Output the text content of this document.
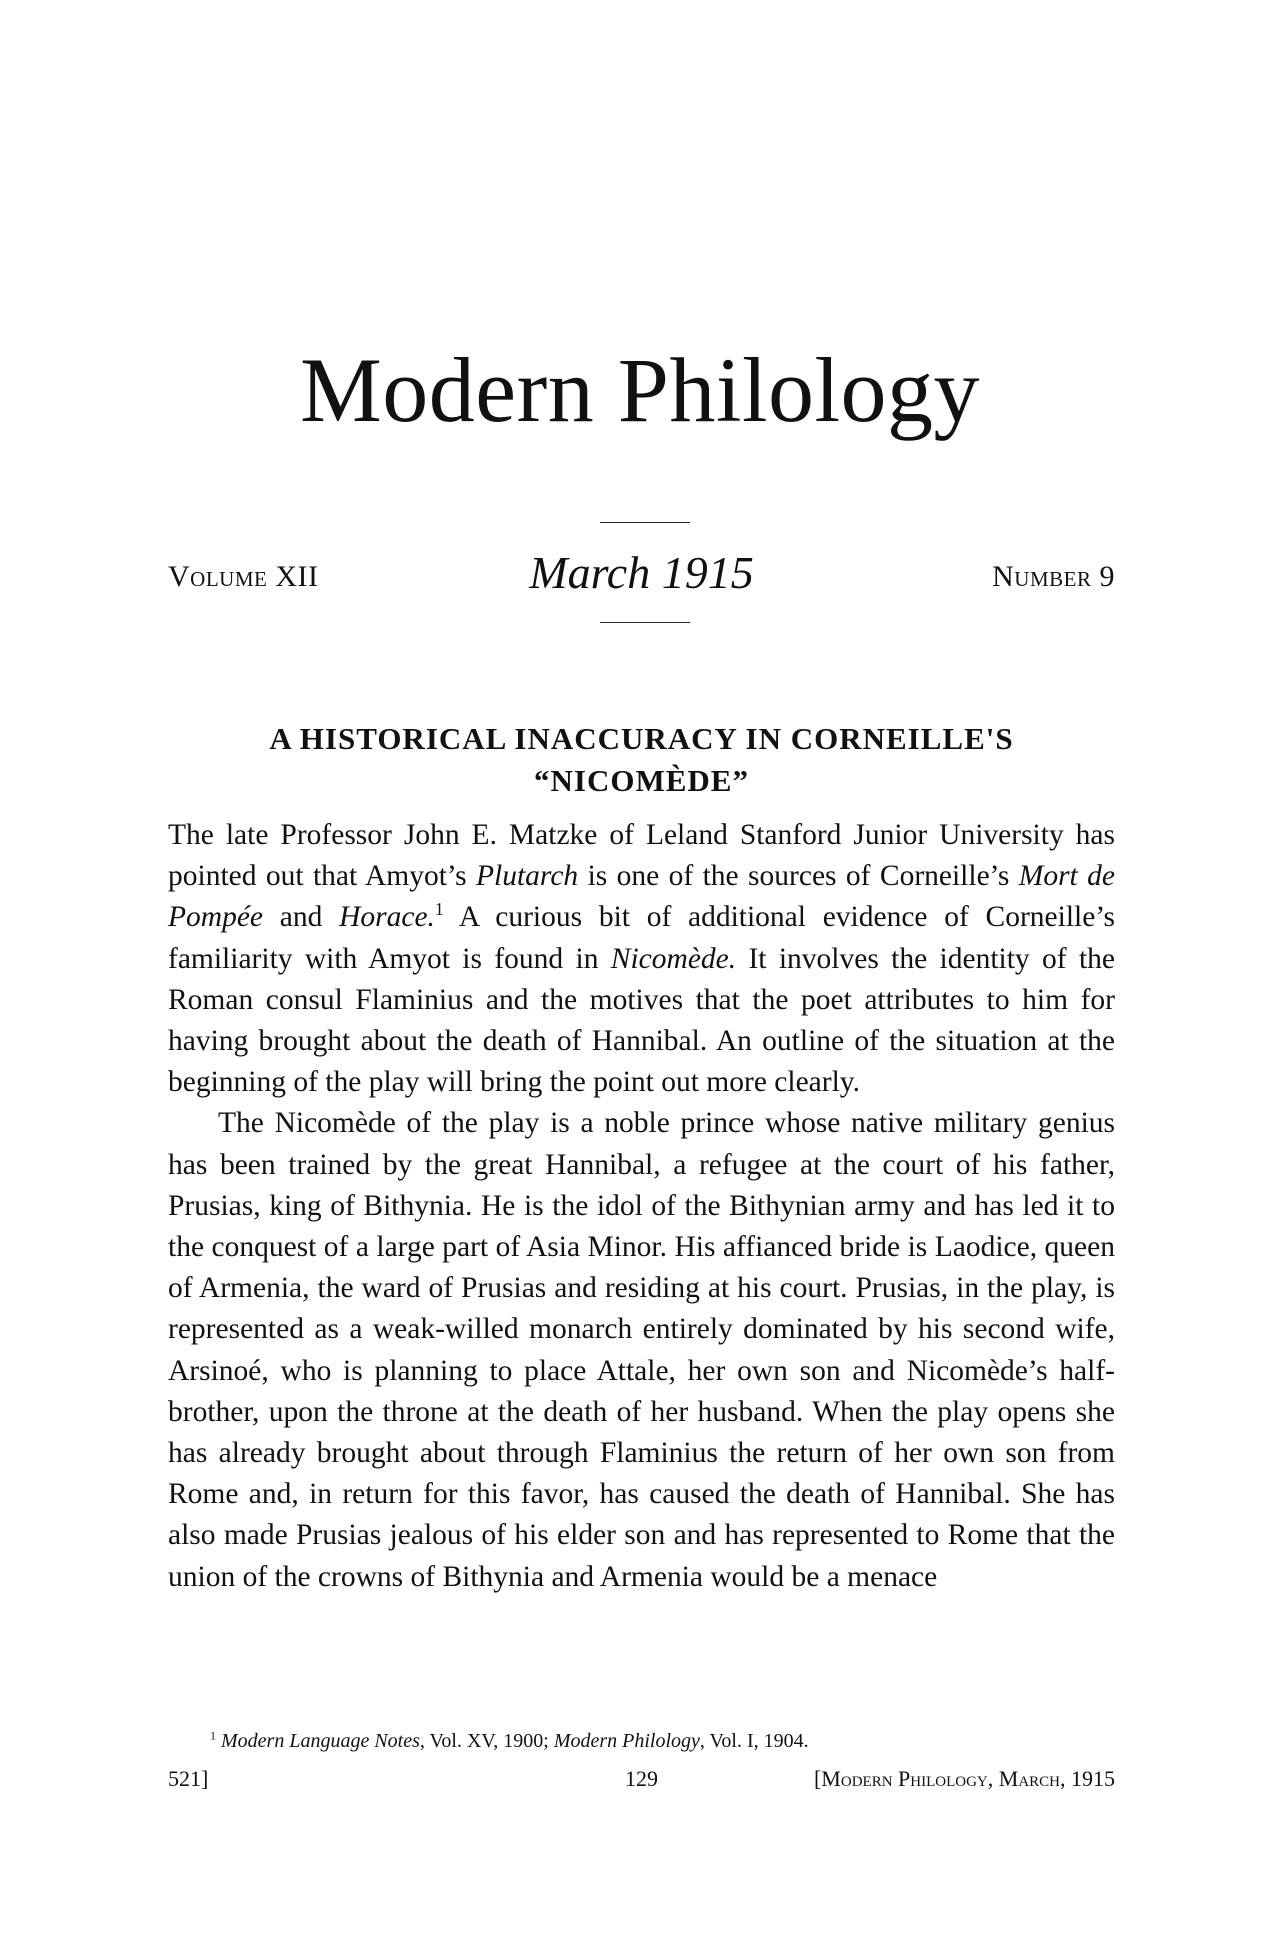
Modern Philology
Volume XII	March 1915	Number 9
A HISTORICAL INACCURACY IN CORNEILLE'S
“NICOMÈDE”

The late Professor John E. Matzke of Leland Stanford Junior University has pointed out that Amyot’s Plutarch is one of the sources of Corneille’s Mort de Pompée and Horace.$^1$ A curious bit of additional evidence of Corneille’s familiarity with Amyot is found in Nicomède. It involves the identity of the Roman consul Flaminius and the motives that the poet attributes to him for having brought about the death of Hannibal. An outline of the situation at the beginning of the play will bring the point out more clearly.

The Nicomède of the play is a noble prince whose native military genius has been trained by the great Hannibal, a refugee at the court of his father, Prusias, king of Bithynia. He is the idol of the Bithynian army and has led it to the conquest of a large part of Asia Minor. His affianced bride is Laodice, queen of Armenia, the ward of Prusias and residing at his court. Prusias, in the play, is represented as a weak-willed monarch entirely dominated by his second wife, Arsinoé, who is planning to place Attale, her own son and Nicomède’s half-brother, upon the throne at the death of her husband. When the play opens she has already brought about through Flaminius the return of her own son from Rome and, in return for this favor, has caused the death of Hannibal. She has also made Prusias jealous of his elder son and has represented to Rome that the union of the crowns of Bithynia and Armenia would be a menace

$^1$ Modern Language Notes, Vol. XV, 1900; Modern Philology, Vol. I, 1904.
521]	129	[Modern Philology, March, 1915
